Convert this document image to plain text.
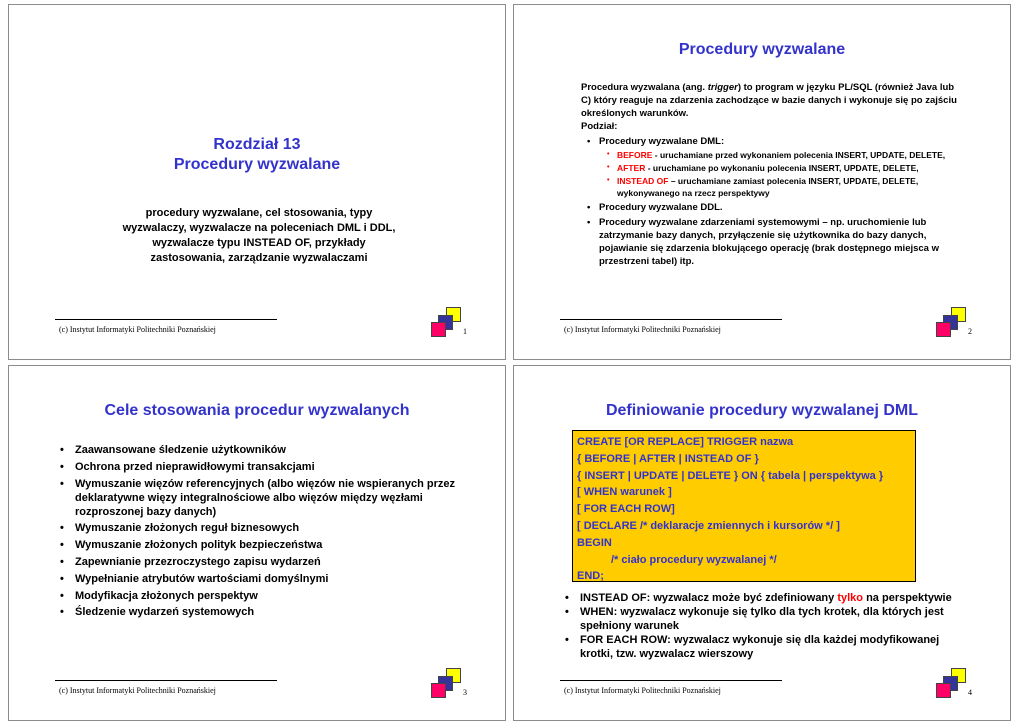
Rozdział 13
Procedury wyzwalane
procedury wyzwalane, cel stosowania, typy wyzwalaczy, wyzwalacze na poleceniach DML i DDL, wyzwalacze typu INSTEAD OF, przykłady zastosowania, zarządzanie wyzwalaczami
(c) Instytut Informatyki Politechniki Poznańskiej	1
Procedury wyzwalane

Procedura wyzwalana (ang. trigger) to program w języku PL/SQL (również Java lub C) który reaguje na zdarzenia zachodzące w bazie danych i wykonuje się po zajściu określonych warunków.

Podział:

• Procedury wyzwalane DML:
• BEFORE - uruchamiane przed wykonaniem polecenia INSERT, UPDATE, DELETE,
• AFTER - uruchamiane po wykonaniu polecenia INSERT, UPDATE, DELETE,
• INSTEAD OF – uruchamiane zamiast polecenia INSERT, UPDATE, DELETE, wykonywanego na rzecz perspektywy
• Procedury wyzwalane DDL.
• Procedury wyzwalane zdarzeniami systemowymi – np. uruchomienie lub zatrzymanie bazy danych, przyłączenie się użytkownika do bazy danych, pojawianie się zdarzenia blokującego operację (brak dostępnego miejsca w przestrzeni tabel) itp.
(c) Instytut Informatyki Politechniki Poznańskiej	2
Cele stosowania procedur wyzwalanych
• Zaawansowane śledzenie użytkowników
• Ochrona przed nieprawidłowymi transakcjami
• Wymuszanie więzów referencyjnych (albo więzów nie wspieranych przez deklaratywne więzy integralnościowe albo więzów między węzłami rozproszonej bazy danych)
• Wymuszanie złożonych reguł biznesowych
• Wymuszanie złożonych polityk bezpieczeństwa
• Zapewnianie przezroczystego zapisu wydarzeń
• Wypełnianie atrybutów wartościami domyślnymi
• Modyfikacja złożonych perspektyw
• Śledzenie wydarzeń systemowych
(c) Instytut Informatyki Politechniki Poznańskiej	3
Definiowanie procedury wyzwalanej DML
CREATE [OR REPLACE] TRIGGER nazwa
{ BEFORE | AFTER | INSTEAD OF }
{ INSERT | UPDATE | DELETE } ON { tabela | perspektywa }
[ WHEN warunek ]
[ FOR EACH ROW]
[ DECLARE /* deklaracje zmiennych i kursorów */ ]
BEGIN
/* ciało procedury wyzwalanej */
END;
• INSTEAD OF: wyzwalacz może być zdefiniowany tylko na perspektywie
• WHEN: wyzwalacz wykonuje się tylko dla tych krotek, dla których jest spełniony warunek
• FOR EACH ROW: wyzwalacz wykonuje się dla każdej modyfikowanej krotki, tzw. wyzwalacz wierszowy
(c) Instytut Informatyki Politechniki Poznańskiej	4
